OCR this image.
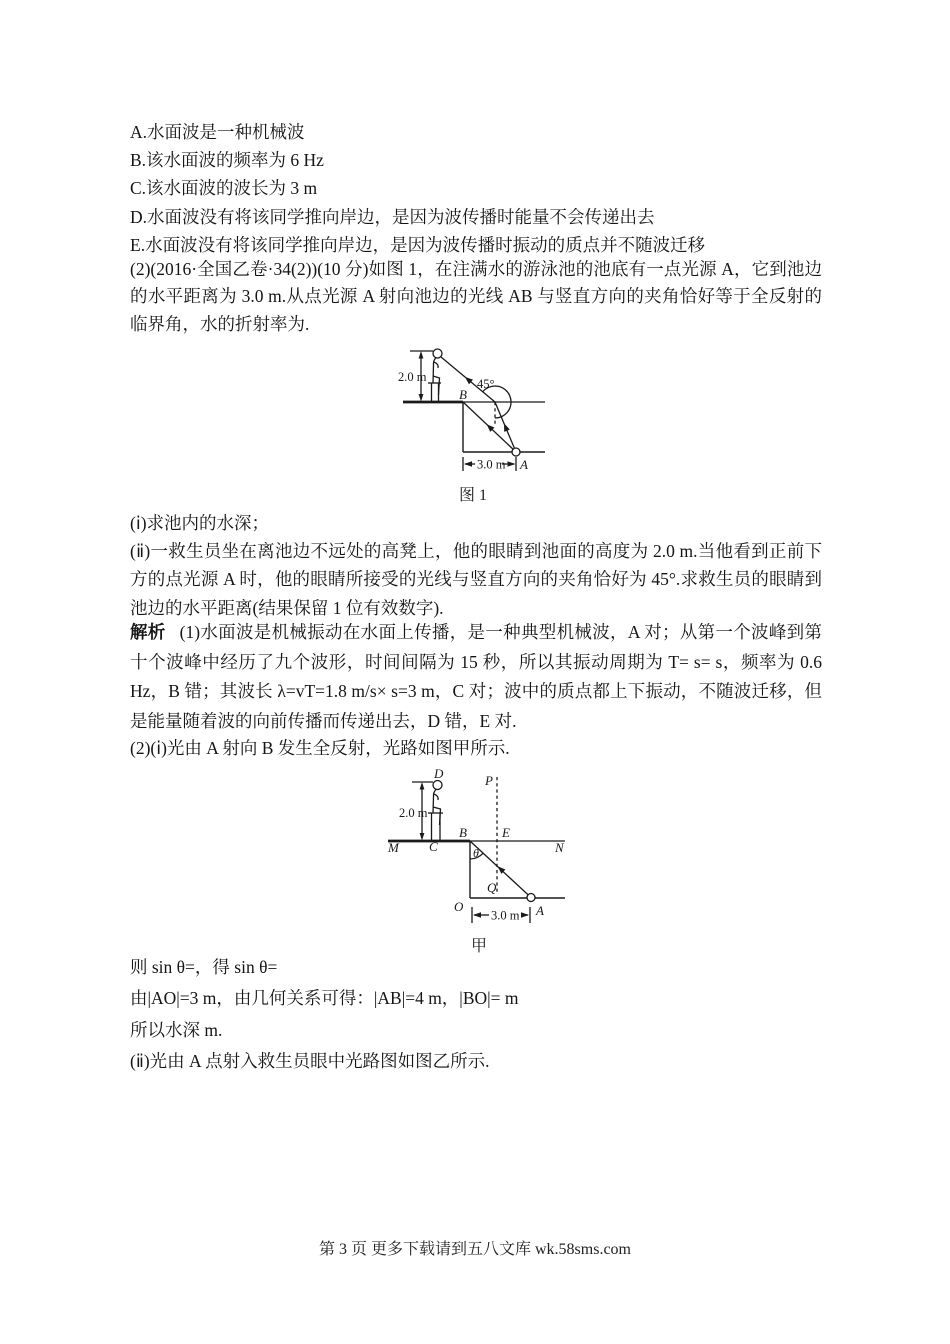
A.水面波是一种机械波

B.该水面波的频率为 6 Hz

C.该水面波的波长为 3 m

D.水面波没有将该同学推向岸边，是因为波传播时能量不会传递出去

E.水面波没有将该同学推向岸边，是因为波传播时振动的质点并不随波迁移

(2)(2016·全国乙卷·34(2))(10 分)如图 1，在注满水的游泳池的池底有一点光源 A，它到池边的水平距离为 3.0 m.从点光源 A 射向池边的光线 AB 与竖直方向的夹角恰好等于全反射的临界角，水的折射率为.

2.0 m
B
45°
3.0 m A
图 1

(ⅰ)求池内的水深；

(ⅱ)一救生员坐在离池边不远处的高凳上，他的眼睛到池面的高度为 2.0 m.当他看到正前下方的点光源 A 时，他的眼睛所接受的光线与竖直方向的夹角恰好为 45°.求救生员的眼睛到池边的水平距离(结果保留 1 位有效数字).

解析 (1)水面波是机械振动在水面上传播，是一种典型机械波，A 对；从第一个波峰到第十个波峰中经历了九个波形，时间间隔为 15 秒，所以其振动周期为 T= s= s，频率为 0.6 Hz，B 错；其波长 λ=vT=1.8 m/s× s=3 m，C 对；波中的质点都上下振动，不随波迁移，但是能量随着波的向前传播而传递出去，D 错，E 对.

(2)(ⅰ)光由 A 射向 B 发生全反射，光路如图甲所示.

2.0 m
D
M C
B	E
N
P
Q
O
θ
3.0 m A
甲

则 sin θ=，得 sin θ=

由|AO|=3 m，由几何关系可得：|AB|=4 m，|BO|= m

所以水深 m.

(ⅱ)光由 A 点射入救生员眼中光路图如图乙所示.

第 3 页 更多下载请到五八文库 wk.58sms.com
